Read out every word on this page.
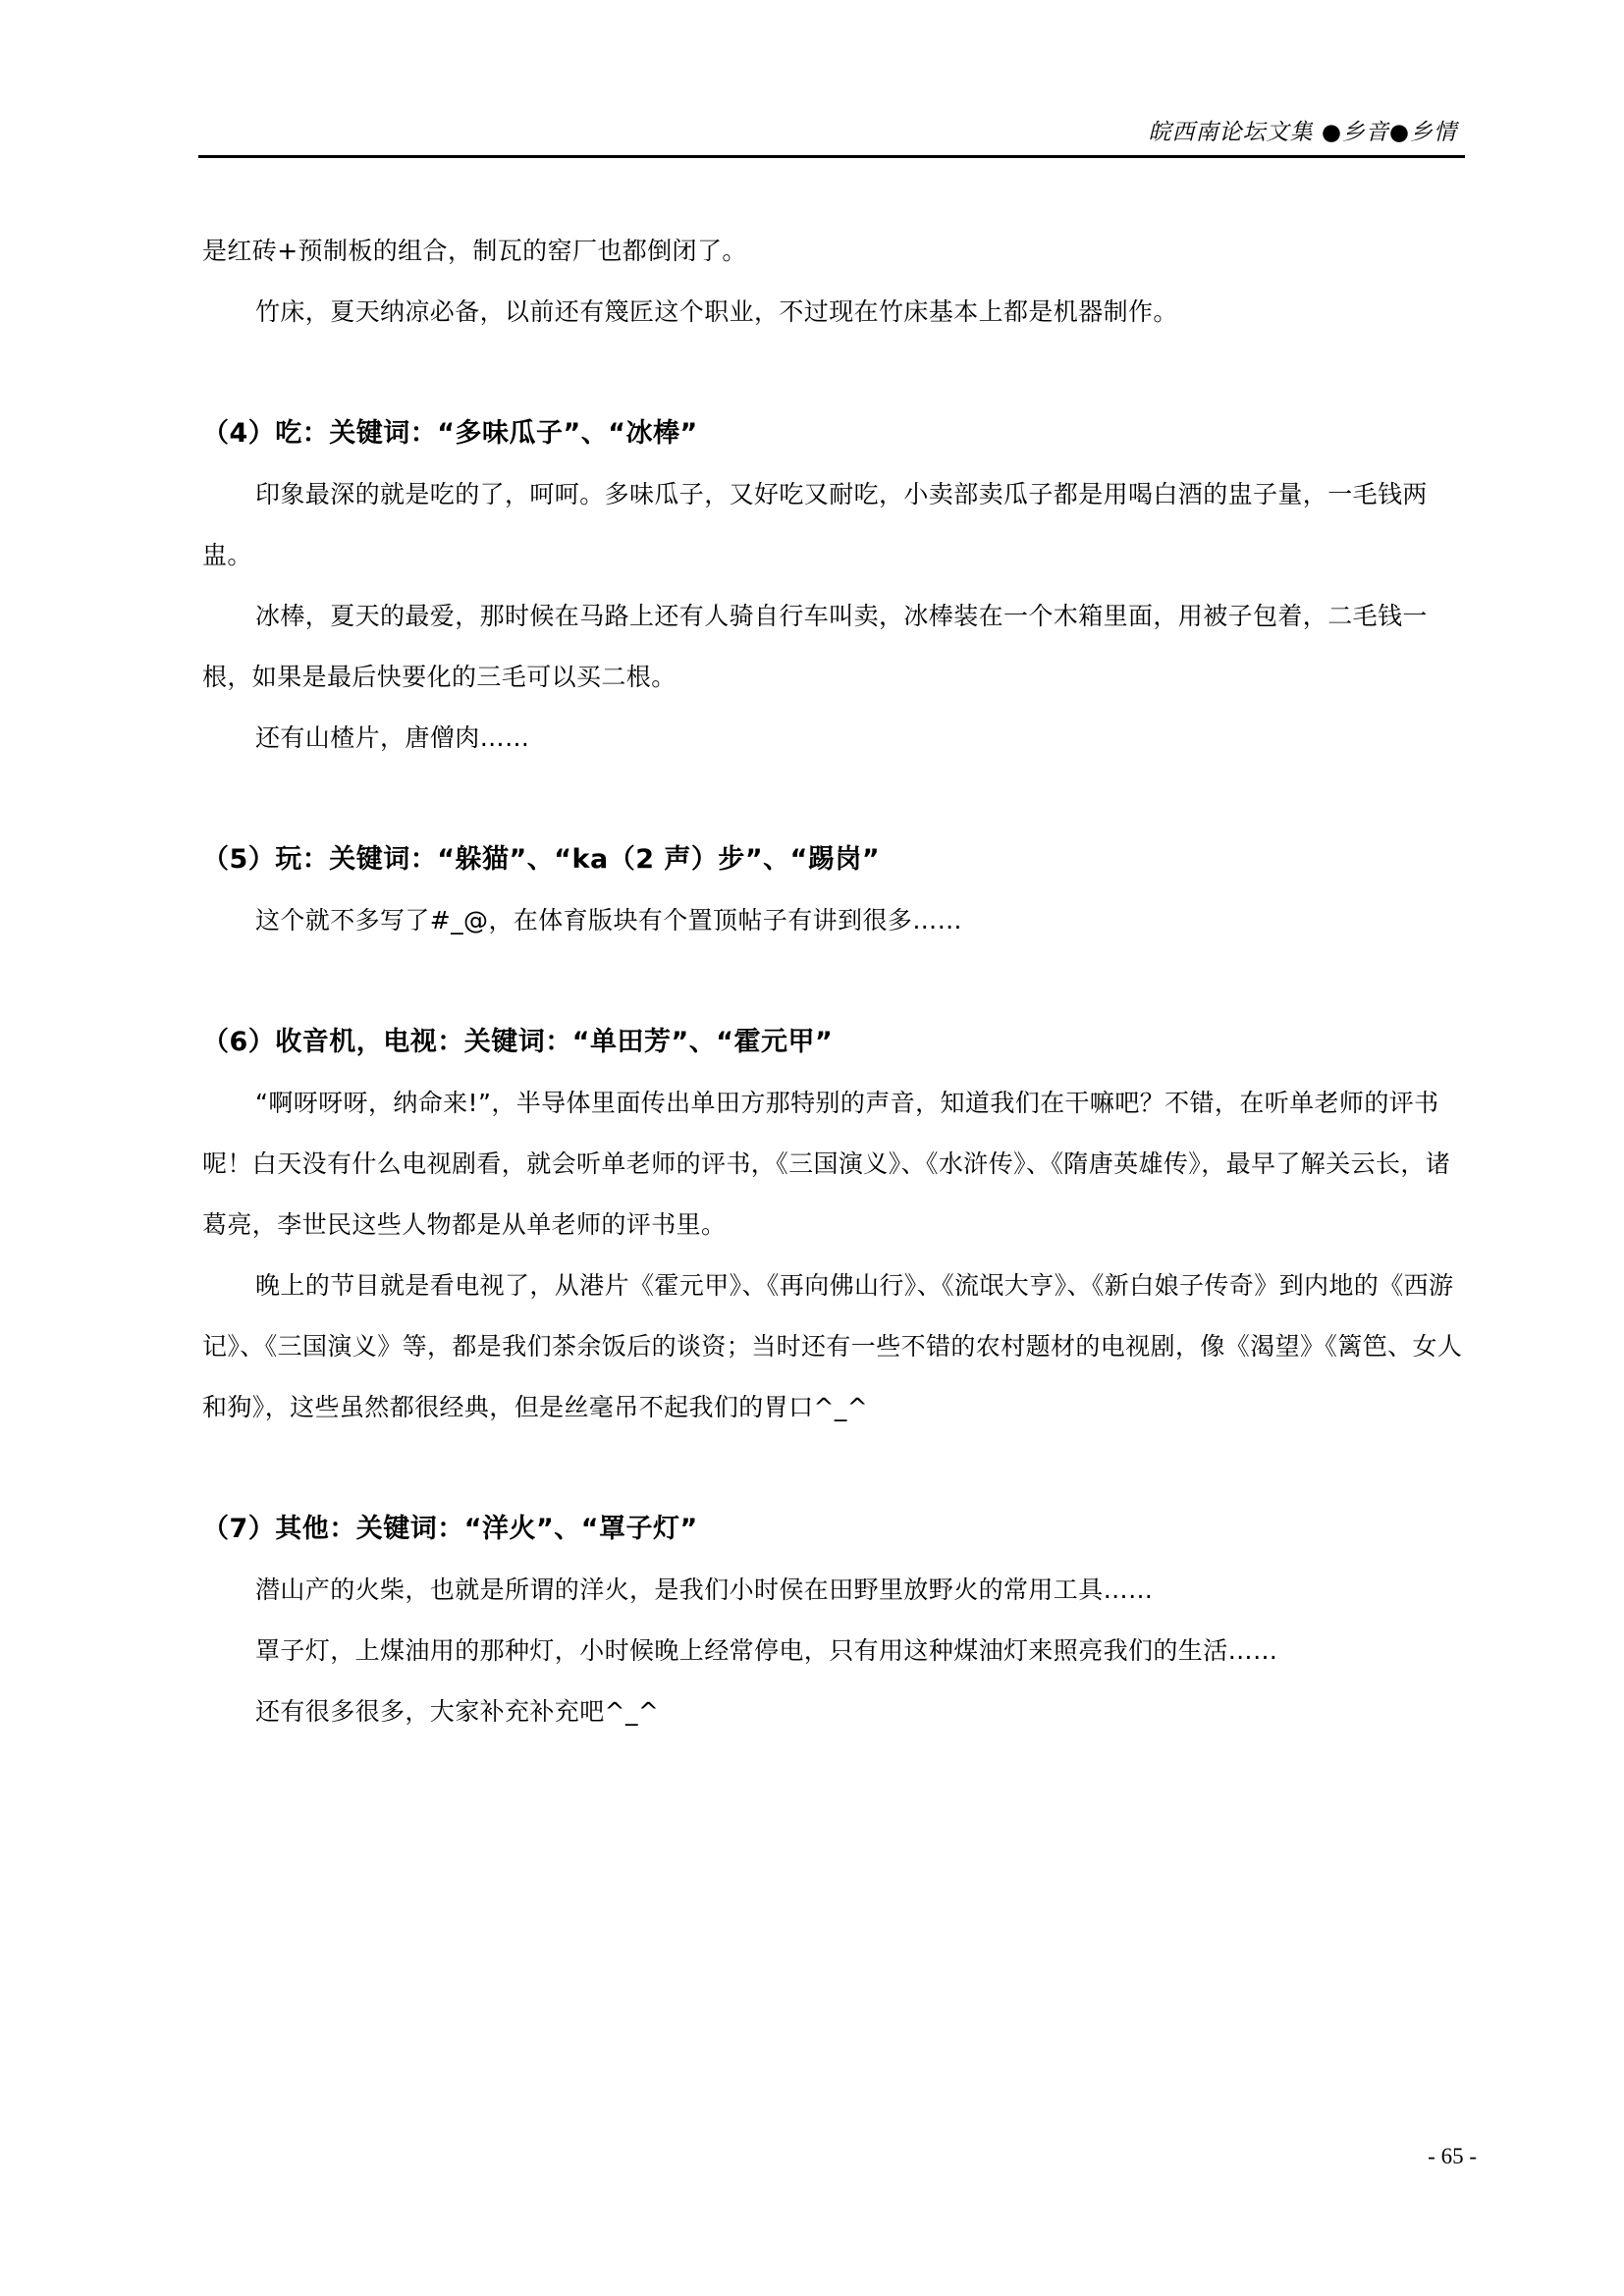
皖西南论坛文集 ●乡音●乡情

是红砖+预制板的组合，制瓦的窑厂也都倒闭了。

竹床，夏天纳凉必备，以前还有篾匠这个职业，不过现在竹床基本上都是机器制作。

（4）吃：关键词：“多味瓜子”、“冰棒”

印象最深的就是吃的了，呵呵。多味瓜子，又好吃又耐吃，小卖部卖瓜子都是用喝白酒的盅子量，一毛钱两盅。

冰棒，夏天的最爱，那时候在马路上还有人骑自行车叫卖，冰棒装在一个木箱里面，用被子包着，二毛钱一根，如果是最后快要化的三毛可以买二根。

还有山楂片，唐僧肉……

（5）玩：关键词：“躲猫”、“ka（2 声）步”、“踢岗”

这个就不多写了#_@，在体育版块有个置顶帖子有讲到很多……

（6）收音机，电视：关键词：“单田芳”、“霍元甲”

“啊呀呀呀，纳命来!”，半导体里面传出单田方那特别的声音，知道我们在干嘛吧？不错，在听单老师的评书呢！白天没有什么电视剧看，就会听单老师的评书，《三国演义》、《水浒传》、《隋唐英雄传》，最早了解关云长，诸葛亮，李世民这些人物都是从单老师的评书里。

晚上的节目就是看电视了，从港片《霍元甲》、《再向佛山行》、《流氓大亨》、《新白娘子传奇》到内地的《西游记》、《三国演义》等，都是我们茶余饭后的谈资；当时还有一些不错的农村题材的电视剧，像《渴望》《篱笆、女人和狗》，这些虽然都很经典，但是丝毫吊不起我们的胃口^_^

（7）其他：关键词：“洋火”、“罩子灯”

潜山产的火柴，也就是所谓的洋火，是我们小时侯在田野里放野火的常用工具……

罩子灯，上煤油用的那种灯，小时候晚上经常停电，只有用这种煤油灯来照亮我们的生活……

还有很多很多，大家补充补充吧^_^

- 65 -
